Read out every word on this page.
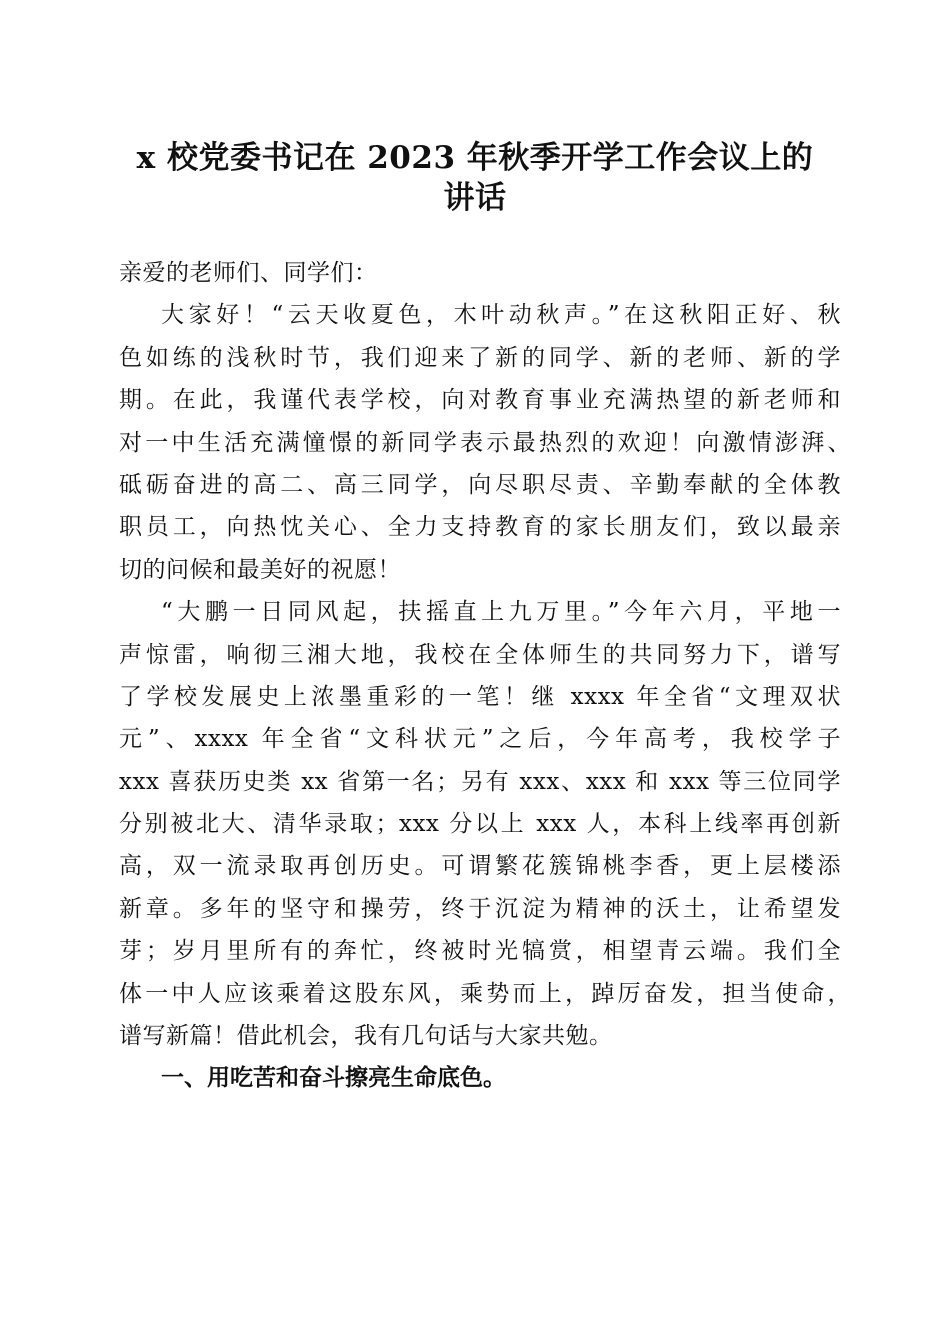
x 校党委书记在 2023 年秋季开学工作会议上的
讲话
亲爱的老师们、同学们：
大家好！“云天收夏色，木叶动秋声。”在这秋阳正好、秋
色如练的浅秋时节，我们迎来了新的同学、新的老师、新的学
期。在此，我谨代表学校，向对教育事业充满热望的新老师和
对一中生活充满憧憬的新同学表示最热烈的欢迎！向激情澎湃、
砥砺奋进的高二、高三同学，向尽职尽责、辛勤奉献的全体教
职员工，向热忱关心、全力支持教育的家长朋友们，致以最亲
切的问候和最美好的祝愿！
“大鹏一日同风起，扶摇直上九万里。”今年六月，平地一
声惊雷，响彻三湘大地，我校在全体师生的共同努力下，谱写
了学校发展史上浓墨重彩的一笔！继 xxxx 年全省“文理双状
元”、xxxx 年全省“文科状元”之后，今年高考，我校学子
xxx 喜获历史类 xx 省第一名；另有 xxx、xxx 和 xxx 等三位同学
分别被北大、清华录取；xxx 分以上 xxx 人，本科上线率再创新
高，双一流录取再创历史。可谓繁花簇锦桃李香，更上层楼添
新章。多年的坚守和操劳，终于沉淀为精神的沃土，让希望发
芽；岁月里所有的奔忙，终被时光犒赏，相望青云端。我们全
体一中人应该乘着这股东风，乘势而上，踔厉奋发，担当使命，
谱写新篇！借此机会，我有几句话与大家共勉。
一、用吃苦和奋斗擦亮生命底色。
